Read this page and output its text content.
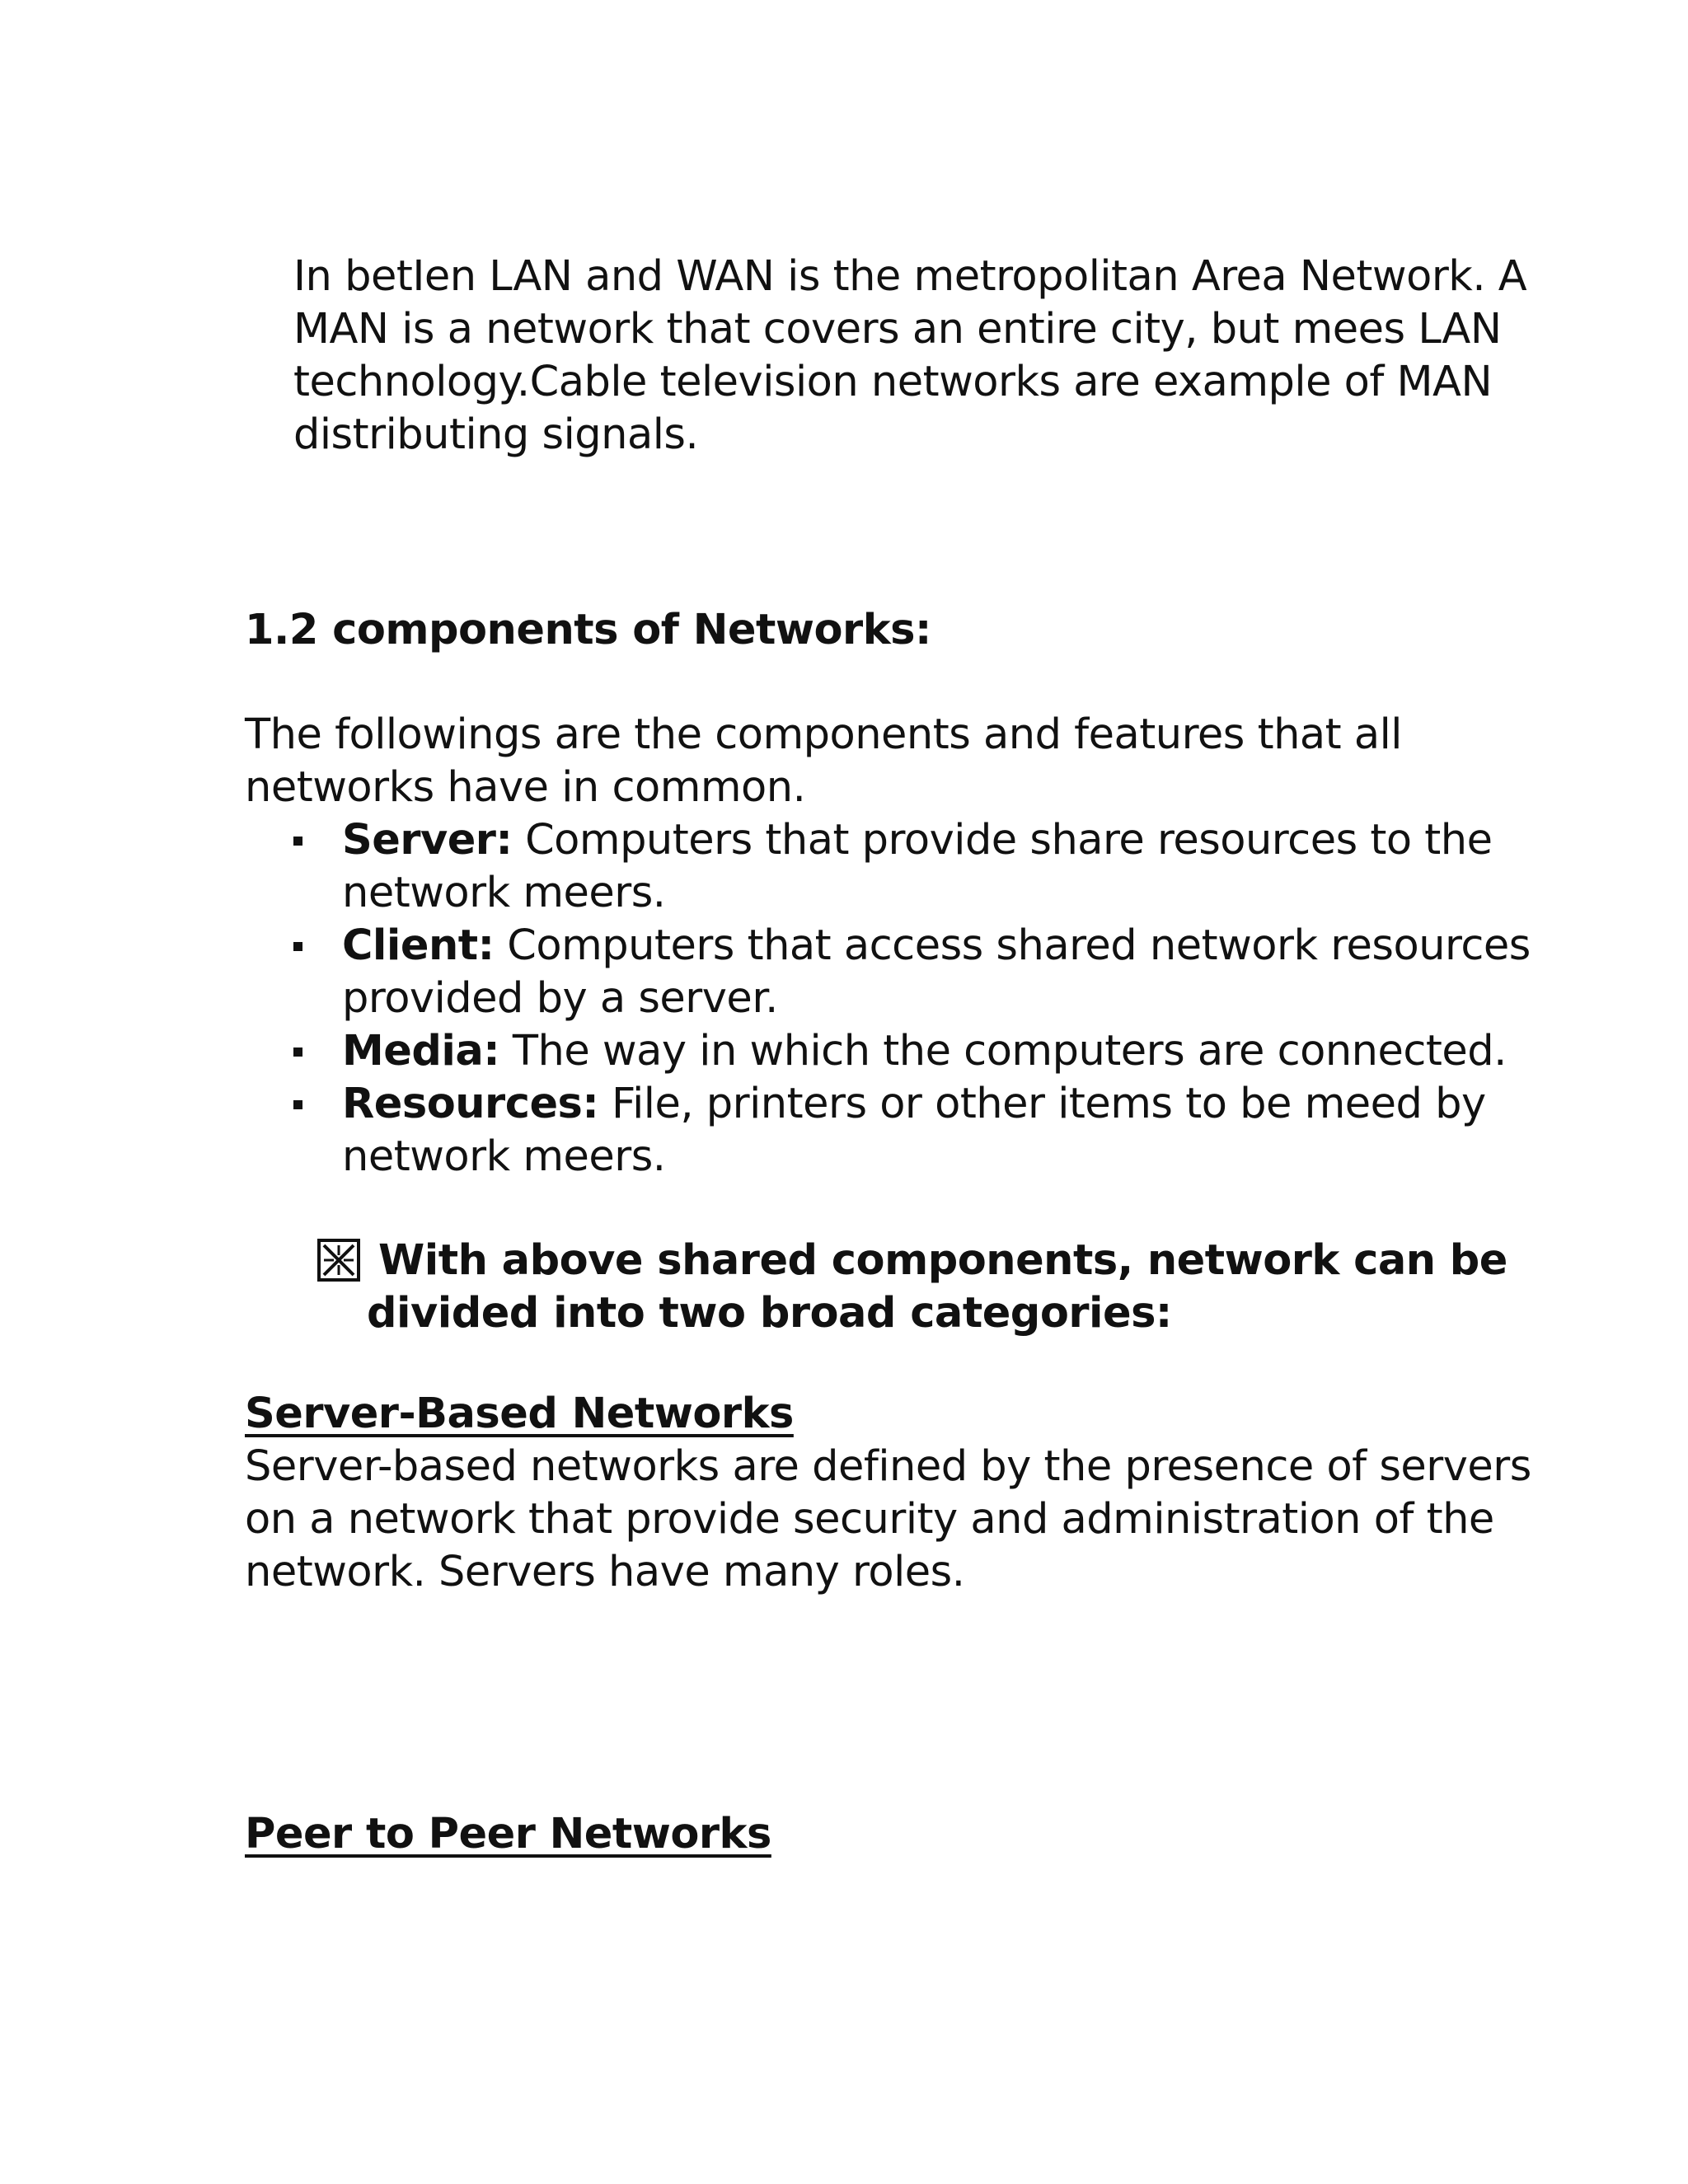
In betIen LAN and WAN is the metropolitan Area Network. A
MAN is a network that covers an entire city, but mees LAN
technology.Cable television networks are example of MAN
distributing signals.
1.2 components of Networks:
The followings are the components and features that all
networks have in common.
Server: Computers that provide share resources to the
network meers.
Client: Computers that access shared network resources
provided by a server.
Media: The way in which the computers are connected.
Resources: File, printers or other items to be meed by
network meers.
With above shared components, network can be
divided into two broad categories:
Server-Based Networks
Server-based networks are defined by the presence of servers
on a network that provide security and administration of the
network. Servers have many roles.
Peer to Peer Networks
